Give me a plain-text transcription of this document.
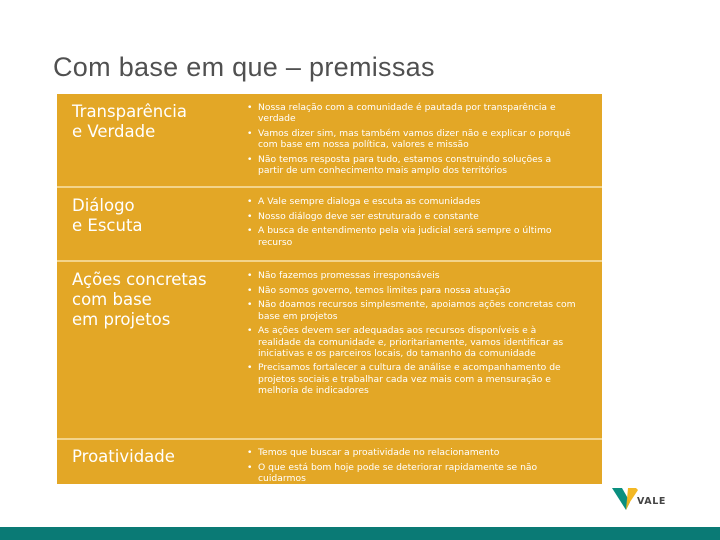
Com base em que – premissas
Transparência
e Verdade
• Nossa relação com a comunidade é pautada por transparência e verdade
• Vamos dizer sim, mas também vamos dizer não e explicar o porquê com base em nossa política, valores e missão
• Não temos resposta para tudo, estamos construindo soluções a partir de um conhecimento mais amplo dos territórios
Diálogo
e Escuta
• A Vale sempre dialoga e escuta as comunidades
• Nosso diálogo deve ser estruturado e constante
• A busca de entendimento pela via judicial será sempre o último recurso
Ações concretas
com base
em projetos
• Não fazemos promessas irresponsáveis
• Não somos governo, temos limites para nossa atuação
• Não doamos recursos simplesmente, apoiamos ações concretas com base em projetos
• As ações devem ser adequadas aos recursos disponíveis e à realidade da comunidade e, prioritariamente, vamos identificar as iniciativas e os parceiros locais, do tamanho da comunidade
• Precisamos fortalecer a cultura de análise e acompanhamento de projetos sociais e trabalhar cada vez mais com a mensuração e melhoria de indicadores
Proatividade
•	Temos que buscar a proatividade no relacionamento
• O que está bom hoje pode se deteriorar rapidamente se não cuidarmos
VALE
